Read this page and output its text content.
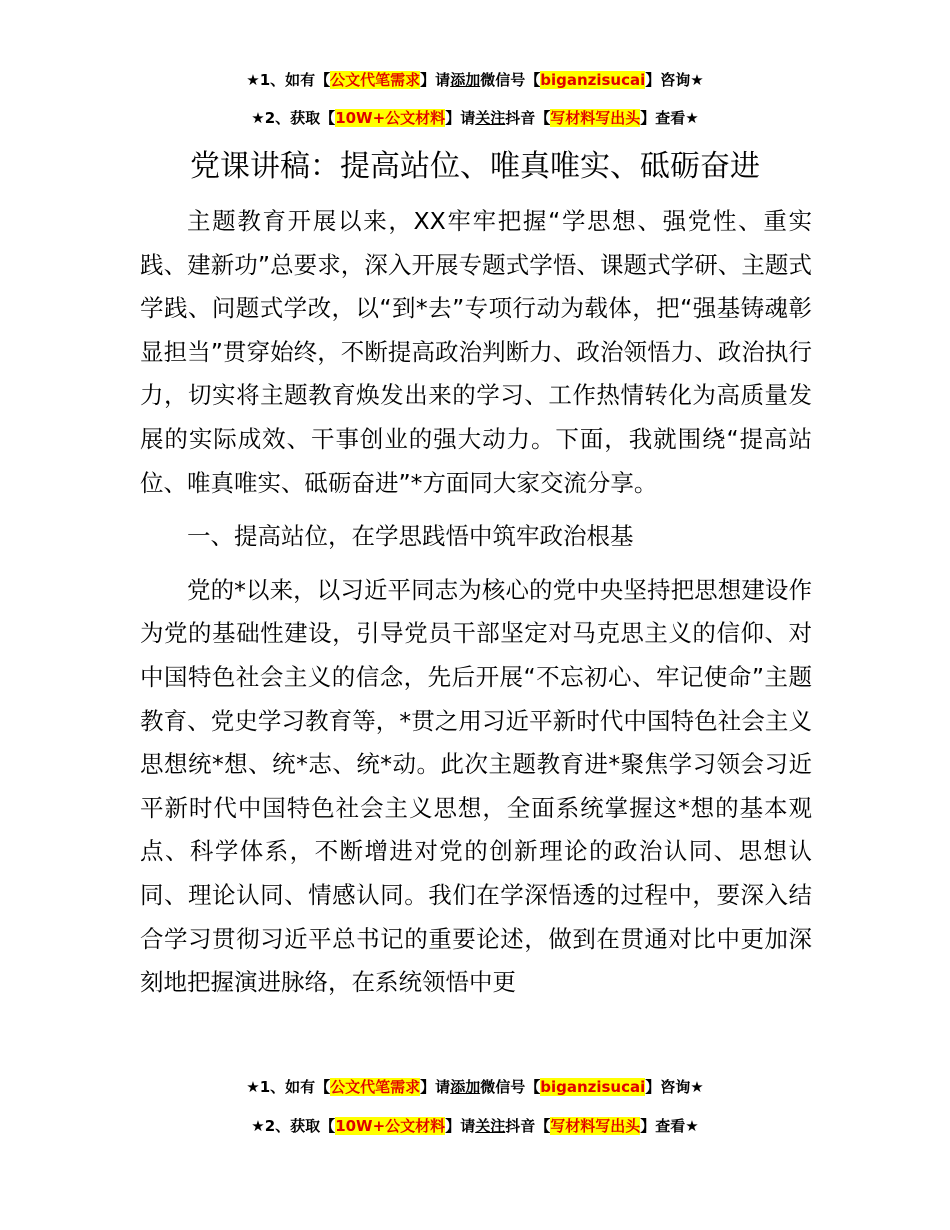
★1、如有【公文代笔需求】请添加微信号【biganzisucai】咨询★
★2、获取【10W+公文材料】请关注抖音【写材料写出头】查看★
党课讲稿：提高站位、唯真唯实、砥砺奋进

主题教育开展以来，XX牢牢把握“学思想、强党性、重实践、建新功”总要求，深入开展专题式学悟、课题式学研、主题式学践、问题式学改，以“到*去”专项行动为载体，把“强基铸魂彰显担当”贯穿始终，不断提高政治判断力、政治领悟力、政治执行力，切实将主题教育焕发出来的学习、工作热情转化为高质量发展的实际成效、干事创业的强大动力。下面，我就围绕“提高站位、唯真唯实、砥砺奋进”*方面同大家交流分享。

一、提高站位，在学思践悟中筑牢政治根基

党的*以来，以习近平同志为核心的党中央坚持把思想建设作为党的基础性建设，引导党员干部坚定对马克思主义的信仰、对中国特色社会主义的信念，先后开展“不忘初心、牢记使命”主题教育、党史学习教育等，*贯之用习近平新时代中国特色社会主义思想统*想、统*志、统*动。此次主题教育进*聚焦学习领会习近平新时代中国特色社会主义思想，全面系统掌握这*想的基本观点、科学体系，不断增进对党的创新理论的政治认同、思想认同、理论认同、情感认同。我们在学深悟透的过程中，要深入结合学习贯彻习近平总书记的重要论述，做到在贯通对比中更加深刻地把握演进脉络，在系统领悟中更

★1、如有【公文代笔需求】请添加微信号【biganzisucai】咨询★
★2、获取【10W+公文材料】请关注抖音【写材料写出头】查看★
